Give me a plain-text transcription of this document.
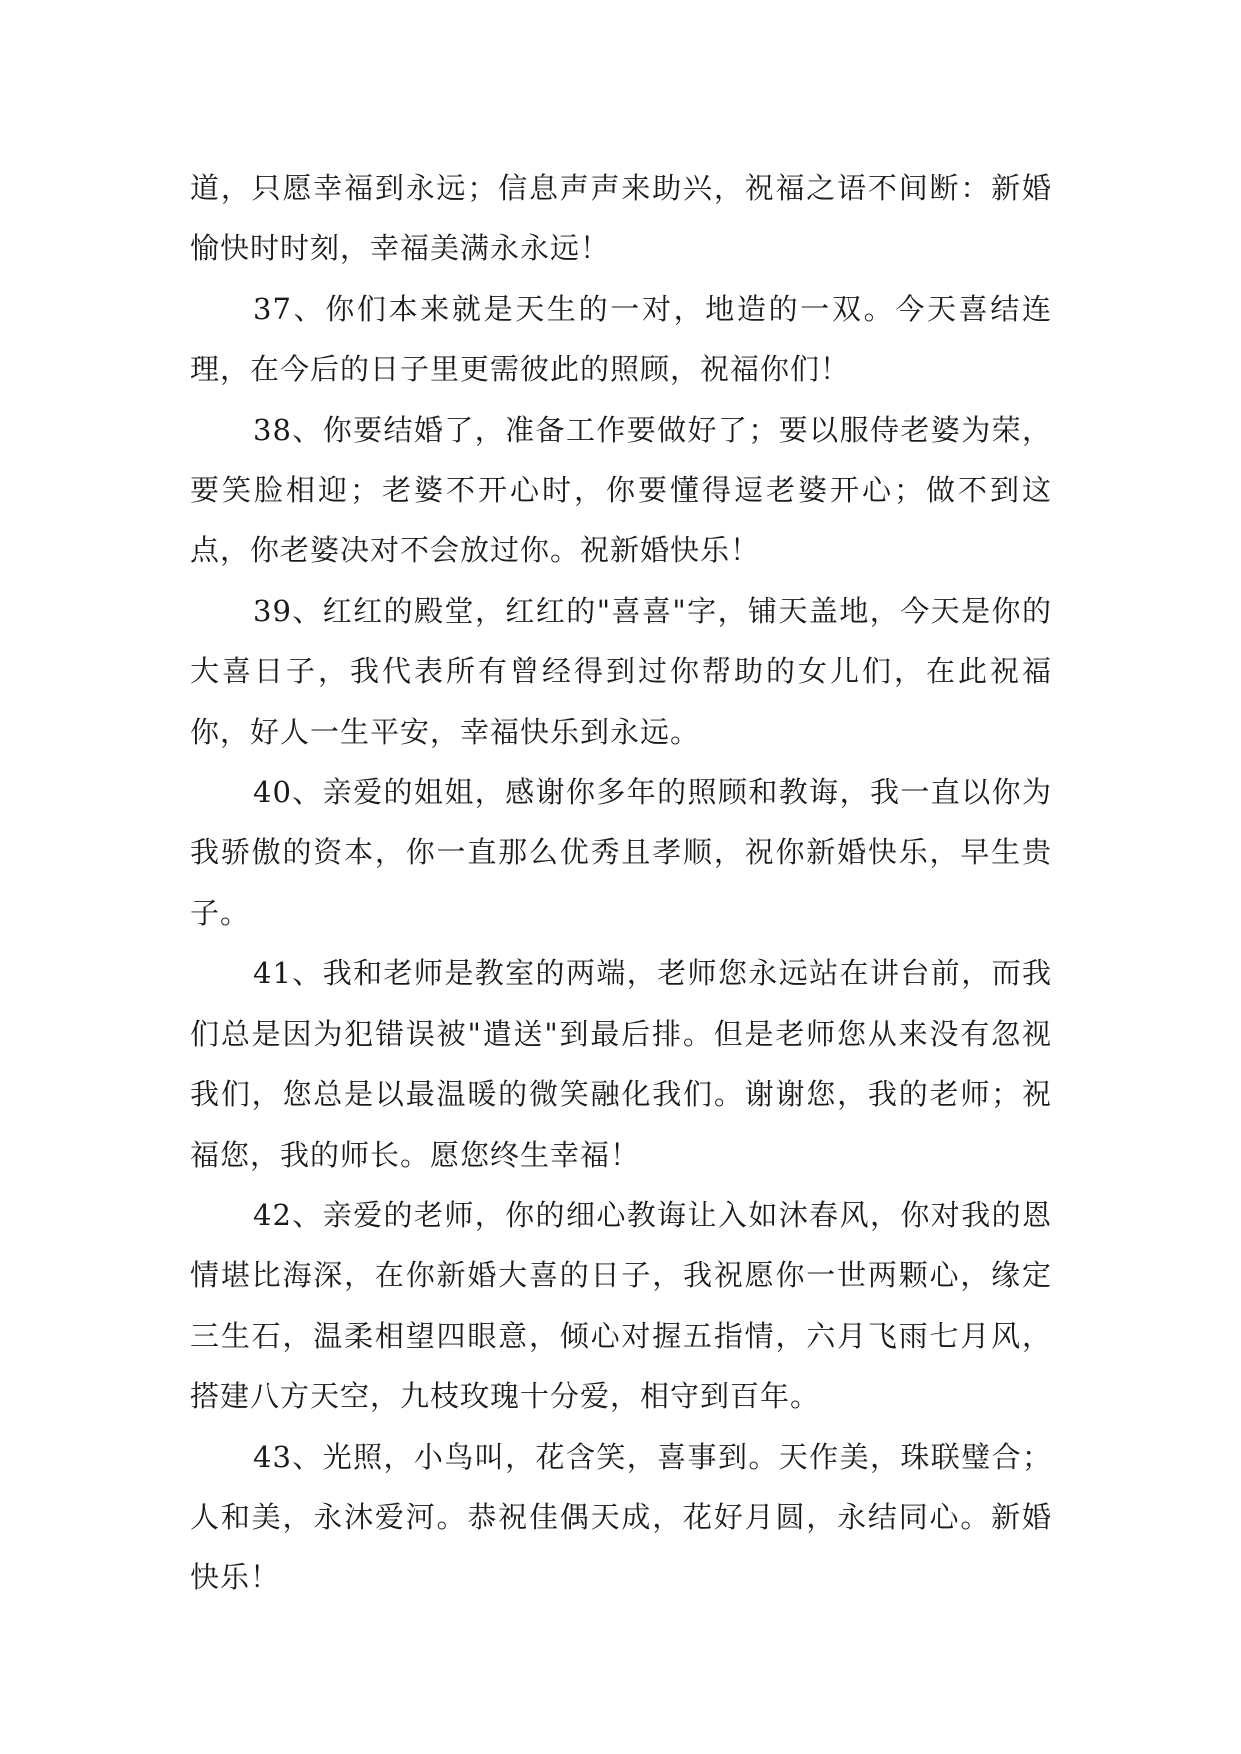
道，只愿幸福到永远；信息声声来助兴，祝福之语不间断：新婚愉快时时刻，幸福美满永永远！

37、你们本来就是天生的一对，地造的一双。今天喜结连理，在今后的日子里更需彼此的照顾，祝福你们！

38、你要结婚了，准备工作要做好了；要以服侍老婆为荣，要笑脸相迎；老婆不开心时，你要懂得逗老婆开心；做不到这点，你老婆决对不会放过你。祝新婚快乐！

39、红红的殿堂，红红的"喜喜"字，铺天盖地，今天是你的大喜日子，我代表所有曾经得到过你帮助的女儿们，在此祝福你，好人一生平安，幸福快乐到永远。

40、亲爱的姐姐，感谢你多年的照顾和教诲，我一直以你为我骄傲的资本，你一直那么优秀且孝顺，祝你新婚快乐，早生贵子。

41、我和老师是教室的两端，老师您永远站在讲台前，而我们总是因为犯错误被"遣送"到最后排。但是老师您从来没有忽视我们，您总是以最温暖的微笑融化我们。谢谢您，我的老师；祝福您，我的师长。愿您终生幸福！

42、亲爱的老师，你的细心教诲让入如沐春风，你对我的恩情堪比海深，在你新婚大喜的日子，我祝愿你一世两颗心，缘定三生石，温柔相望四眼意，倾心对握五指情，六月飞雨七月风，搭建八方天空，九枝玫瑰十分爱，相守到百年。

43、光照，小鸟叫，花含笑，喜事到。天作美，珠联璧合；人和美，永沐爱河。恭祝佳偶天成，花好月圆，永结同心。新婚快乐！
